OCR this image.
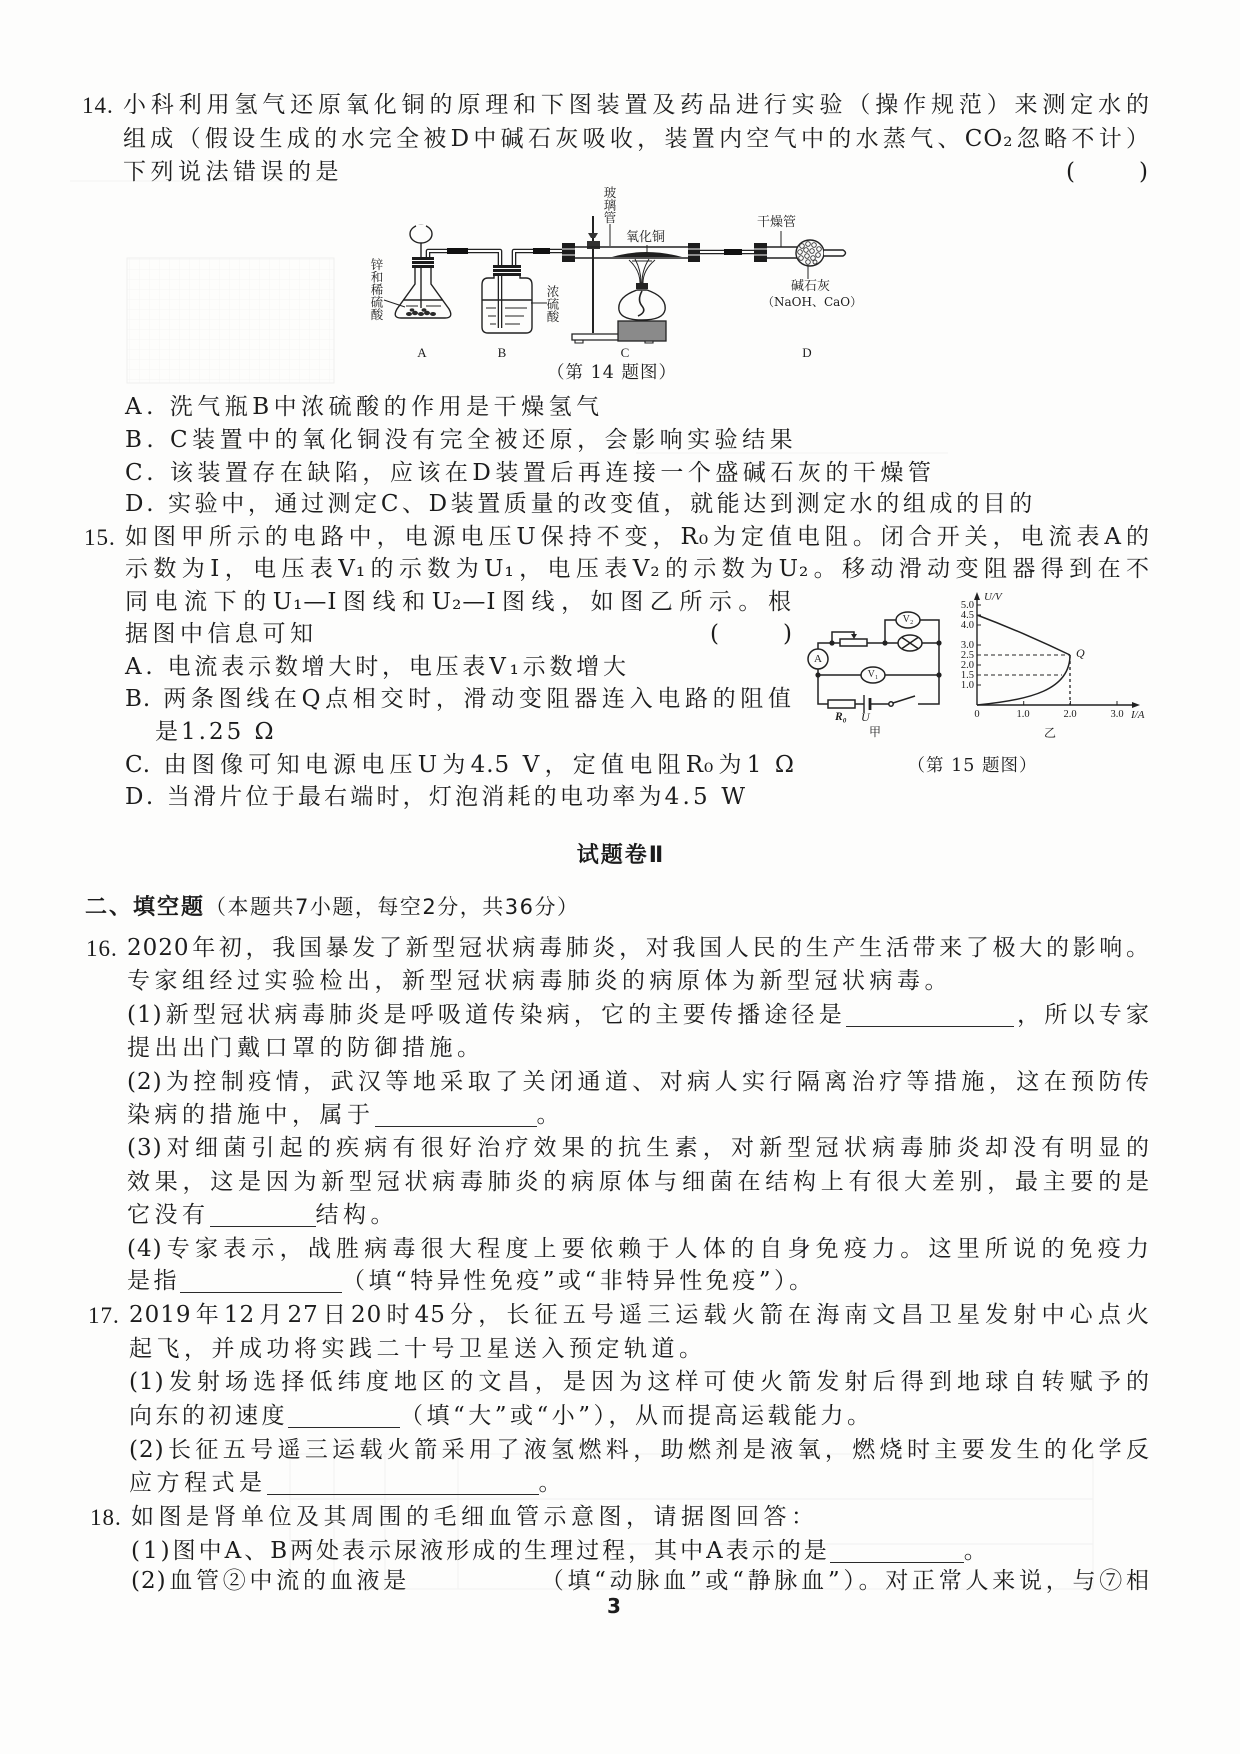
14. 小科利用氢气还原氧化铜的原理和下图装置及药品进行实验（操作规范）来测定水的
组成（假设生成的水完全被D中碱石灰吸收，装置内空气中的水蒸气、CO₂忽略不计）
下列说法错误的是	(　　)
锌和稀硫酸	浓硫酸
玻璃管
氧化铜
干燥管
碱石灰
（NaOH、CaO）
A	B	C	D
（第 14 题图）
A. 洗气瓶B中浓硫酸的作用是干燥氢气
B. C装置中的氧化铜没有完全被还原，会影响实验结果
C. 该装置存在缺陷，应该在D装置后再连接一个盛碱石灰的干燥管
D. 实验中，通过测定C、D装置质量的改变值，就能达到测定水的组成的目的
15. 如图甲所示的电路中，电源电压U保持不变，R₀为定值电阻。闭合开关，电流表A的
示数为I，电压表V₁的示数为U₁，电压表V₂的示数为U₂。移动滑动变阻器得到在不
同电流下的U₁—I图线和U₂—I图线，如图乙所示。根
据图中信息可知	(　　)
A. 电流表示数增大时，电压表V₁示数增大
B. 两条图线在Q点相交时，滑动变阻器连入电路的阻值
是1.25 Ω
C. 由图像可知电源电压U为4.5 V，定值电阻R₀为1 Ω
D. 当滑片位于最右端时，灯泡消耗的电功率为4.5 W
A
V₂
V₁
R₀ U
甲
5.0
4.5
4.0
3.0
2.5
2.0
1.5
1.0
U/V
0	1.0	2.0	3.0 I/A
Q
乙
（第 15 题图）
试题卷Ⅱ
二、填空题（本题共7小题，每空2分，共36分）
16. 2020年初，我国暴发了新型冠状病毒肺炎，对我国人民的生产生活带来了极大的影响。
专家组经过实验检出，新型冠状病毒肺炎的病原体为新型冠状病毒。
(1)新型冠状病毒肺炎是呼吸道传染病，它的主要传播途径是	，所以专家
提出出门戴口罩的防御措施。
(2)为控制疫情，武汉等地采取了关闭通道、对病人实行隔离治疗等措施，这在预防传
染病的措施中，属于	。
(3)对细菌引起的疾病有很好治疗效果的抗生素，对新型冠状病毒肺炎却没有明显的
效果，这是因为新型冠状病毒肺炎的病原体与细菌在结构上有很大差别，最主要的是
它没有	结构。
(4)专家表示，战胜病毒很大程度上要依赖于人体的自身免疫力。这里所说的免疫力
是指	（填“特异性免疫”或“非特异性免疫”）。
17. 2019年12月27日20时45分，长征五号遥三运载火箭在海南文昌卫星发射中心点火
起飞，并成功将实践二十号卫星送入预定轨道。
(1)发射场选择低纬度地区的文昌，是因为这样可使火箭发射后得到地球自转赋予的
向东的初速度	（填“大”或“小”），从而提高运载能力。
(2)长征五号遥三运载火箭采用了液氢燃料，助燃剂是液氧，燃烧时主要发生的化学反
应方程式是	。
18. 如图是肾单位及其周围的毛细血管示意图，请据图回答：
(1)图中A、B两处表示尿液形成的生理过程，其中A表示的是	。
(2)血管②中流的血液是	（填“动脉血”或“静脉血”）。对正常人来说，与⑦相
3
